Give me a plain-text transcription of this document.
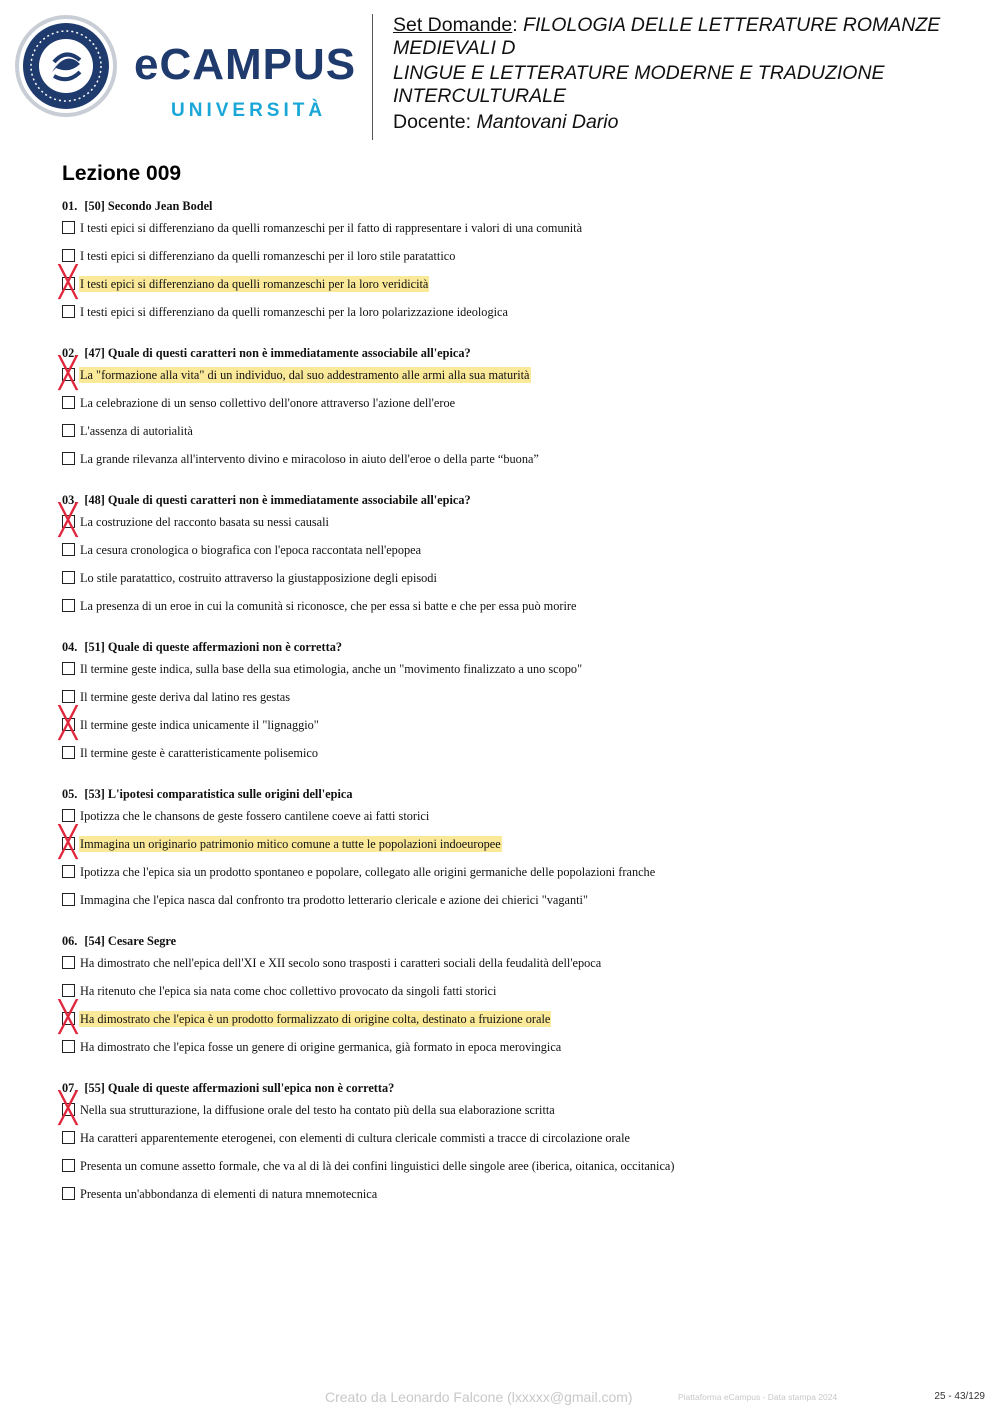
eCAMPUS
UNIVERSITÀ
Set Domande: FILOLOGIA DELLE LETTERATURE ROMANZE
MEDIEVALI D
LINGUE E LETTERATURE MODERNE E TRADUZIONE
INTERCULTURALE
Docente: Mantovani Dario
Lezione 009
01. [50] Secondo Jean Bodel
I testi epici si differenziano da quelli romanzeschi per il fatto di rappresentare i valori di una comunità
I testi epici si differenziano da quelli romanzeschi per il loro stile paratattico
╳ I testi epici si differenziano da quelli romanzeschi per la loro veridicità
I testi epici si differenziano da quelli romanzeschi per la loro polarizzazione ideologica
02. [47] Quale di questi caratteri non è immediatamente associabile all'epica?
╳ La "formazione alla vita" di un individuo, dal suo addestramento alle armi alla sua maturità
La celebrazione di un senso collettivo dell'onore attraverso l'azione dell'eroe
L'assenza di autorialità
La grande rilevanza all'intervento divino e miracoloso in aiuto dell'eroe o della parte “buona”
03. [48] Quale di questi caratteri non è immediatamente associabile all'epica?
╳ La costruzione del racconto basata su nessi causali
La cesura cronologica o biografica con l'epoca raccontata nell'epopea
Lo stile paratattico, costruito attraverso la giustapposizione degli episodi
La presenza di un eroe in cui la comunità si riconosce, che per essa si batte e che per essa può morire
04. [51] Quale di queste affermazioni non è corretta?
Il termine geste indica, sulla base della sua etimologia, anche un "movimento finalizzato a uno scopo"
Il termine geste deriva dal latino res gestas
╳ Il termine geste indica unicamente il "lignaggio"
Il termine geste è caratteristicamente polisemico
05. [53] L'ipotesi comparatistica sulle origini dell'epica
Ipotizza che le chansons de geste fossero cantilene coeve ai fatti storici
╳ Immagina un originario patrimonio mitico comune a tutte le popolazioni indoeuropee
Ipotizza che l'epica sia un prodotto spontaneo e popolare, collegato alle origini germaniche delle popolazioni franche
Immagina che l'epica nasca dal confronto tra prodotto letterario clericale e azione dei chierici "vaganti"
06. [54] Cesare Segre
Ha dimostrato che nell'epica dell'XI e XII secolo sono trasposti i caratteri sociali della feudalità dell'epoca
Ha ritenuto che l'epica sia nata come choc collettivo provocato da singoli fatti storici
╳ Ha dimostrato che l'epica è un prodotto formalizzato di origine colta, destinato a fruizione orale
Ha dimostrato che l'epica fosse un genere di origine germanica, già formato in epoca merovingica
07. [55] Quale di queste affermazioni sull'epica non è corretta?
╳ Nella sua strutturazione, la diffusione orale del testo ha contato più della sua elaborazione scritta
Ha caratteri apparentemente eterogenei, con elementi di cultura clericale commisti a tracce di circolazione orale
Presenta un comune assetto formale, che va al di là dei confini linguistici delle singole aree (iberica, oitanica, occitanica)
Presenta un'abbondanza di elementi di natura mnemotecnica
Creato da Leonardo Falcone (lxxxxx@gmail.com)	Piattaforma eCampus - Data stampa 2024	25 - 43/129
